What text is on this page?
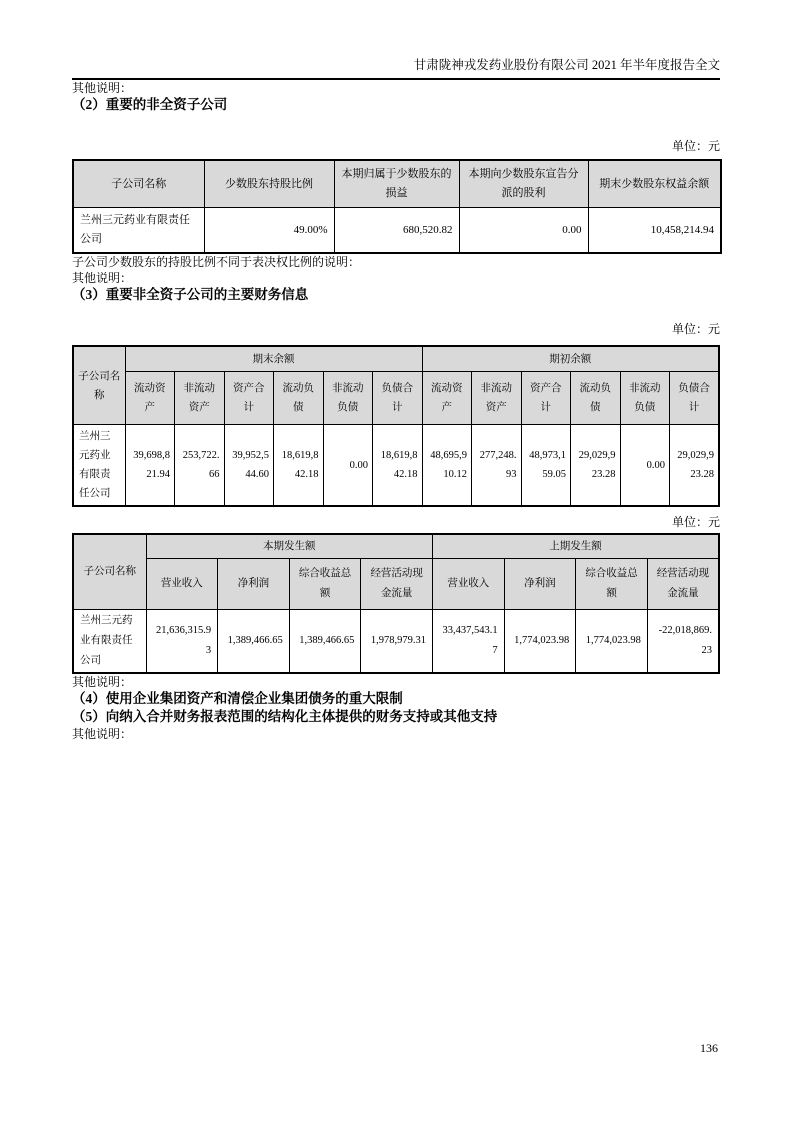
甘肃陇神戎发药业股份有限公司 2021 年半年度报告全文

其他说明：

（2）重要的非全资子公司

单位：元

子公司名称	少数股东持股比例	本期归属于少数股东的损益	本期向少数股东宣告分派的股利	期末少数股东权益余额
兰州三元药业有限责任公司	49.00%	680,520.82	0.00	10,458,214.94

子公司少数股东的持股比例不同于表决权比例的说明：

其他说明：

（3）重要非全资子公司的主要财务信息

单位：元

子公司名称	期末余额						期初余额					
	流动资产	非流动资产	资产合计	流动负债	非流动负债	负债合计	流动资产	非流动资产	资产合计	流动负债	非流动负债	负债合计
兰州三元药业有限责任公司	39,698,821.94	253,722.66	39,952,544.60	18,619,842.18	0.00	18,619,842.18	48,695,910.12	277,248.93	48,973,159.05	29,029,923.28	0.00	29,029,923.28

单位：元

子公司名称	本期发生额				上期发生额			
	营业收入	净利润	综合收益总额	经营活动现金流量	营业收入	净利润	综合收益总额	经营活动现金流量
兰州三元药业有限责任公司	21,636,315.93	1,389,466.65	1,389,466.65	1,978,979.31	33,437,543.17	1,774,023.98	1,774,023.98	-22,018,869.23

其他说明：

（4）使用企业集团资产和清偿企业集团债务的重大限制
（5）向纳入合并财务报表范围的结构化主体提供的财务支持或其他支持

其他说明：

136
